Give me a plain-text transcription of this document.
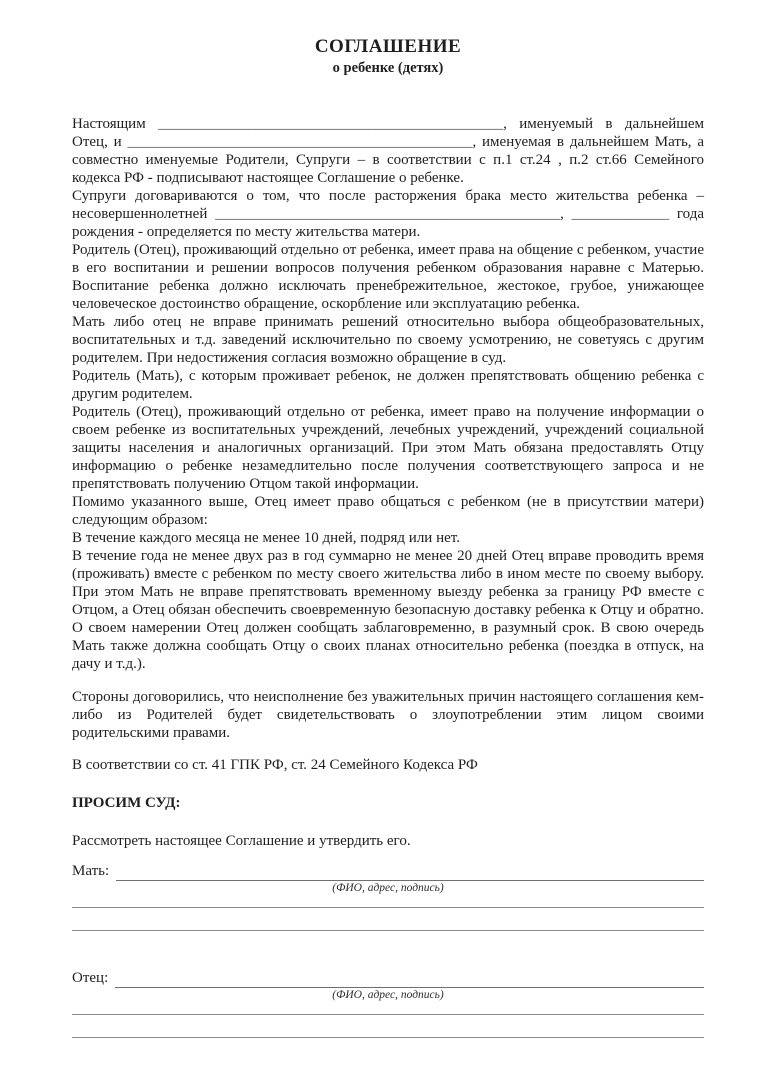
СОГЛАШЕНИЕ
о ребенке (детях)

Настоящим ______________________________________________, именуемый в дальнейшем Отец, и ______________________________________________, именуемая в дальнейшем Мать, а совместно именуемые Родители, Супруги – в соответствии с п.1 ст.24 , п.2 ст.66 Семейного кодекса РФ - подписывают настоящее Соглашение о ребенке.

Супруги договариваются о том, что после расторжения брака место жительства ребенка – несовершеннолетней ______________________________________________, _____________ года рождения - определяется по месту жительства матери.

Родитель (Отец), проживающий отдельно от ребенка, имеет права на общение с ребенком, участие в его воспитании и решении вопросов получения ребенком образования наравне с Матерью. Воспитание ребенка должно исключать пренебрежительное, жестокое, грубое, унижающее человеческое достоинство обращение, оскорбление или эксплуатацию ребенка.

Мать либо отец не вправе принимать решений относительно выбора общеобразовательных, воспитательных и т.д. заведений исключительно по своему усмотрению, не советуясь с другим родителем. При недостижения согласия возможно обращение в суд.

Родитель (Мать), с которым проживает ребенок, не должен препятствовать общению ребенка с другим родителем.

Родитель (Отец), проживающий отдельно от ребенка, имеет право на получение информации о своем ребенке из воспитательных учреждений, лечебных учреждений, учреждений социальной защиты населения и аналогичных организаций. При этом Мать обязана предоставлять Отцу информацию о ребенке незамедлительно после получения соответствующего запроса и не препятствовать получению Отцом такой информации.

Помимо указанного выше, Отец имеет право общаться с ребенком (не в присутствии матери) следующим образом:

В течение каждого месяца не менее 10 дней, подряд или нет.

В течение года не менее двух раз в год суммарно не менее 20 дней Отец вправе проводить время (проживать) вместе с ребенком по месту своего жительства либо в ином месте по своему выбору. При этом Мать не вправе препятствовать временному выезду ребенка за границу РФ вместе с Отцом, а Отец обязан обеспечить своевременную безопасную доставку ребенка к Отцу и обратно. О своем намерении Отец должен сообщать заблаговременно, в разумный срок. В свою очередь Мать также должна сообщать Отцу о своих планах относительно ребенка (поездка в отпуск, на дачу и т.д.).

Стороны договорились, что неисполнение без уважительных причин настоящего соглашения кем-либо из Родителей будет свидетельствовать о злоупотреблении этим лицом своими родительскими правами.

В соответствии со ст. 41 ГПК РФ, ст. 24 Семейного Кодекса РФ

ПРОСИМ СУД:

Рассмотреть настоящее Соглашение и утвердить его.

Мать:
(ФИО, адрес, подпись)
Отец:
(ФИО, адрес, подпись)
